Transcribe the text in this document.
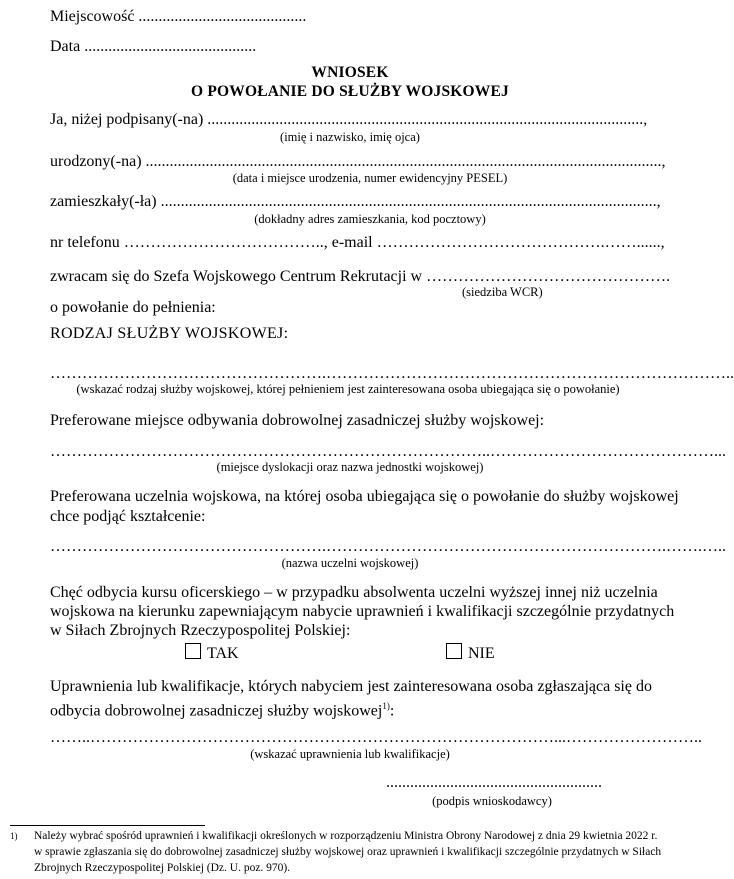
Miejscowość ..........................................
Data ...........................................
WNIOSEK
O POWOŁANIE DO SŁUŻBY WOJSKOWEJ
Ja, niżej podpisany(-na) .............................................................................................................,
(imię i nazwisko, imię ojca)
urodzony(-na) .................................................................................................................................,
(data i miejsce urodzenia, numer ewidencyjny PESEL)
zamieszkały(-ła) ............................................................................................................................,
(dokładny adres zamieszkania, kod pocztowy)
nr telefonu ……………………………….., e-mail …………………………………….……......,
zwracam się do Szefa Wojskowego Centrum Rekrutacji w ……………………………………….
(siedziba WCR)
o powołanie do pełnienia:
RODZAJ SŁUŻBY WOJSKOWEJ:
…………………………………………….…………………………………………………………………..
(wskazać rodzaj służby wojskowej, której pełnieniem jest zainteresowana osoba ubiegająca się o powołanie)
Preferowane miejsce odbywania dobrowolnej zasadniczej służby wojskowej:
………………………………………………………………………..……………………………………...
(miejsce dyslokacji oraz nazwa jednostki wojskowej)
Preferowana uczelnia wojskowa, na której osoba ubiegająca się o powołanie do służby wojskowej
chce podjąć kształcenie:
…………………………………………….……………………………………………………….…….…..
(nazwa uczelni wojskowej)
Chęć odbycia kursu oficerskiego – w przypadku absolwenta uczelni wyższej innej niż uczelnia
wojskowa na kierunku zapewniającym nabycie uprawnień i kwalifikacji szczególnie przydatnych
w Siłach Zbrojnych Rzeczypospolitej Polskiej:
TAK	NIE
Uprawnienia lub kwalifikacje, których nabyciem jest zainteresowana osoba zgłaszająca się do
odbycia dobrowolnej zasadniczej służby wojskowej$^{1)}$:
……..……………………………………………………………………………...……………………..
(wskazać uprawnienia lub kwalifikacje)
......................................................
(podpis wnioskodawcy)
1) Należy wybrać spośród uprawnień i kwalifikacji określonych w rozporządzeniu Ministra Obrony Narodowej z dnia 29 kwietnia 2022 r.
w sprawie zgłaszania się do dobrowolnej zasadniczej służby wojskowej oraz uprawnień i kwalifikacji szczególnie przydatnych w Siłach
Zbrojnych Rzeczypospolitej Polskiej (Dz. U. poz. 970).
